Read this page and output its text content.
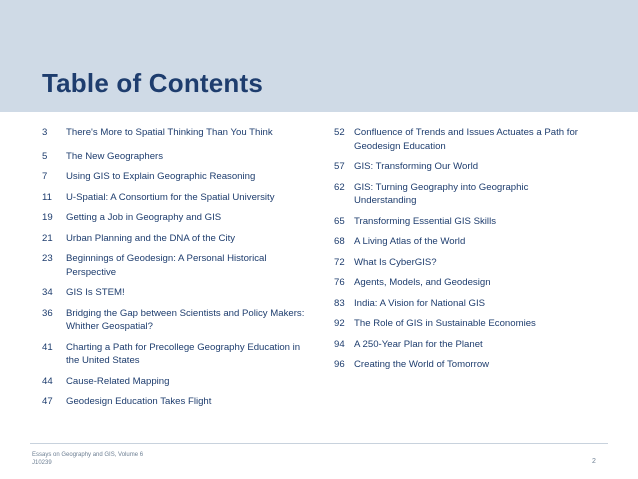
Table of Contents
3	There's More to Spatial Thinking Than You Think
5	The New Geographers
7	Using GIS to Explain Geographic Reasoning
11	U-Spatial: A Consortium for the Spatial University
19	Getting a Job in Geography and GIS
21	Urban Planning and the DNA of the City
23	Beginnings of Geodesign: A Personal Historical Perspective
34	GIS Is STEM!
36	Bridging the Gap between Scientists and Policy Makers: Whither Geospatial?
41	Charting a Path for Precollege Geography Education in the United States
44	Cause-Related Mapping
47	Geodesign Education Takes Flight
52 Confluence of Trends and Issues Actuates a Path for Geodesign Education
57 GIS: Transforming Our World
62 GIS: Turning Geography into Geographic Understanding
65 Transforming Essential GIS Skills
68 A Living Atlas of the World
72 What Is CyberGIS?
76 Agents, Models, and Geodesign
83 India: A Vision for National GIS
92 The Role of GIS in Sustainable Economies
94 A 250-Year Plan for the Planet
96 Creating the World of Tomorrow
Essays on Geography and GIS, Volume 6
J10239	2
